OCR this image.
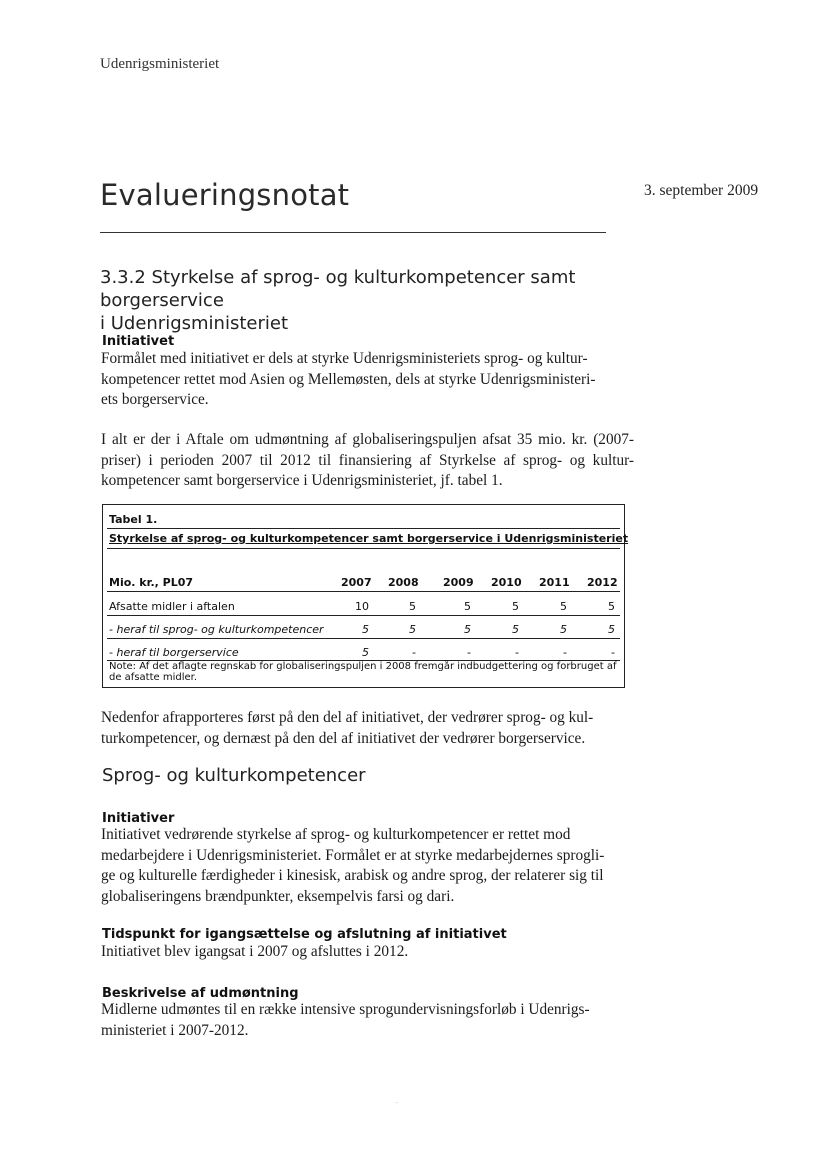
Udenrigsministeriet
Evalueringsnotat	3. september 2009
3.3.2 Styrkelse af sprog- og kulturkompetencer samt borgerservice
i Udenrigsministeriet
Initiativet
Formålet med initiativet er dels at styrke Udenrigsministeriets sprog- og kultur-
kompetencer rettet mod Asien og Mellemøsten, dels at styrke Udenrigsministeri-
ets borgerservice.
I alt er der i Aftale om udmøntning af globaliseringspuljen afsat 35 mio. kr. (2007-
priser) i perioden 2007 til 2012 til finansiering af Styrkelse af sprog- og kultur-
kompetencer samt borgerservice i Udenrigsministeriet, jf. tabel 1.
Tabel 1.
Styrkelse af sprog- og kulturkompetencer samt borgerservice i Udenrigsministeriet
Mio. kr., PL07	2007 2008 2009 2010 2011 2012
Afsatte midler i aftalen	10	5	5	5	5	5
- heraf til sprog- og kulturkompetencer	5	5	5	5	5	5
- heraf til borgerservice	5	-	-	-	-	-
Note: Af det aflagte regnskab for globaliseringspuljen i 2008 fremgår indbudgettering og forbruget af
de afsatte midler.
Nedenfor afrapporteres først på den del af initiativet, der vedrører sprog- og kul-
turkompetencer, og dernæst på den del af initiativet der vedrører borgerservice.
Sprog- og kulturkompetencer
Initiativer
Initiativet vedrørende styrkelse af sprog- og kulturkompetencer er rettet mod
medarbejdere i Udenrigsministeriet. Formålet er at styrke medarbejdernes sprogli-
ge og kulturelle færdigheder i kinesisk, arabisk og andre sprog, der relaterer sig til
globaliseringens brændpunkter, eksempelvis farsi og dari.
Tidspunkt for igangsættelse og afslutning af initiativet
Initiativet blev igangsat i 2007 og afsluttes i 2012.
Beskrivelse af udmøntning
Midlerne udmøntes til en række intensive sprogundervisningsforløb i Udenrigs-
ministeriet i 2007-2012.
.
